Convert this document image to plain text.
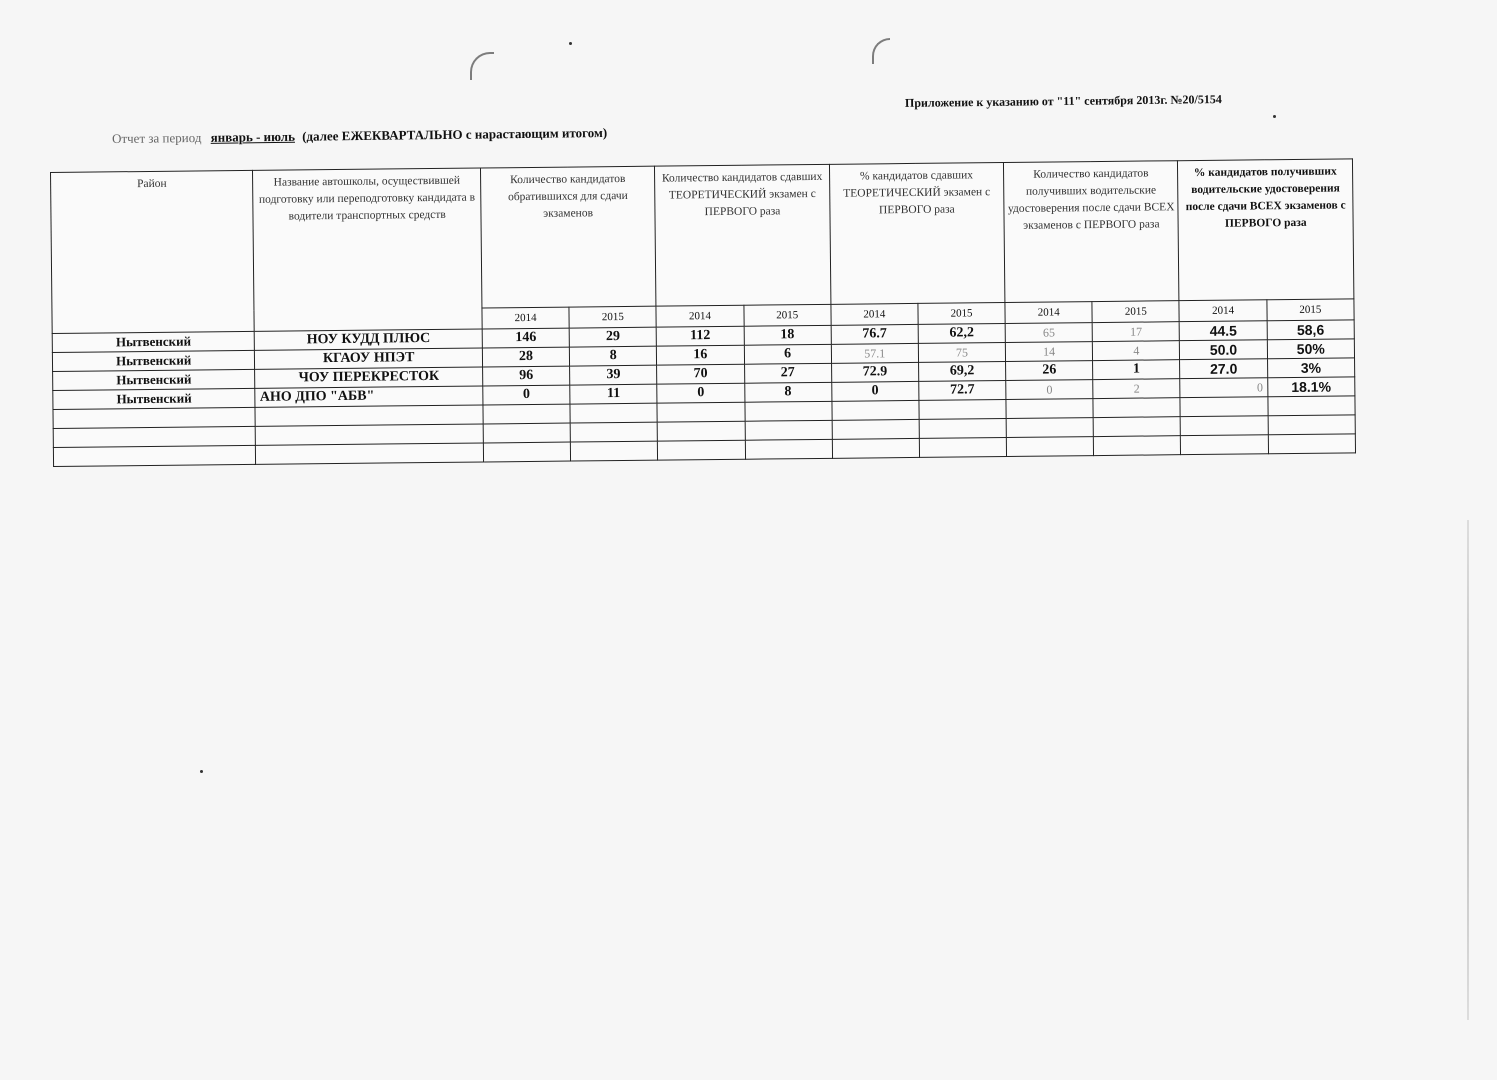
Приложение к указанию от "11" сентября 2013г. №20/5154
Отчет за период январь - июль (далее ЕЖЕКВАРТАЛЬНО с нарастающим итогом)
Район	Название автошколы, осуществившей подготовку или переподготовку кандидата в водители транспортных средств	Количество кандидатов обратившихся для сдачи экзаменов		Количество кандидатов сдавших ТЕОРЕТИЧЕСКИЙ экзамен с ПЕРВОГО раза		% кандидатов сдавших ТЕОРЕТИЧЕСКИЙ экзамен с ПЕРВОГО раза		Количество кандидатов получивших водительские удостоверения после сдачи ВСЕХ экзаменов с ПЕРВОГО раза		% кандидатов получивших водительские удостоверения после сдачи ВСЕХ экзаменов с ПЕРВОГО раза	
		2014	2015	2014	2015	2014	2015	2014	2015	2014	2015
Нытвенский	НОУ КУДД ПЛЮС	146	29	112	18	76.7	62,2	65	17	44.5	58,6
Нытвенский	КГАОУ НПЭТ	28	8	16	6	57.1	75	14	4	50.0	50%
Нытвенский	ЧОУ ПЕРЕКРЕСТОК	96	39	70	27	72.9	69,2	26	1	27.0	3%
Нытвенский	АНО ДПО "АБВ"	0	11	0	8	0	72.7	0	2	0	18.1%
